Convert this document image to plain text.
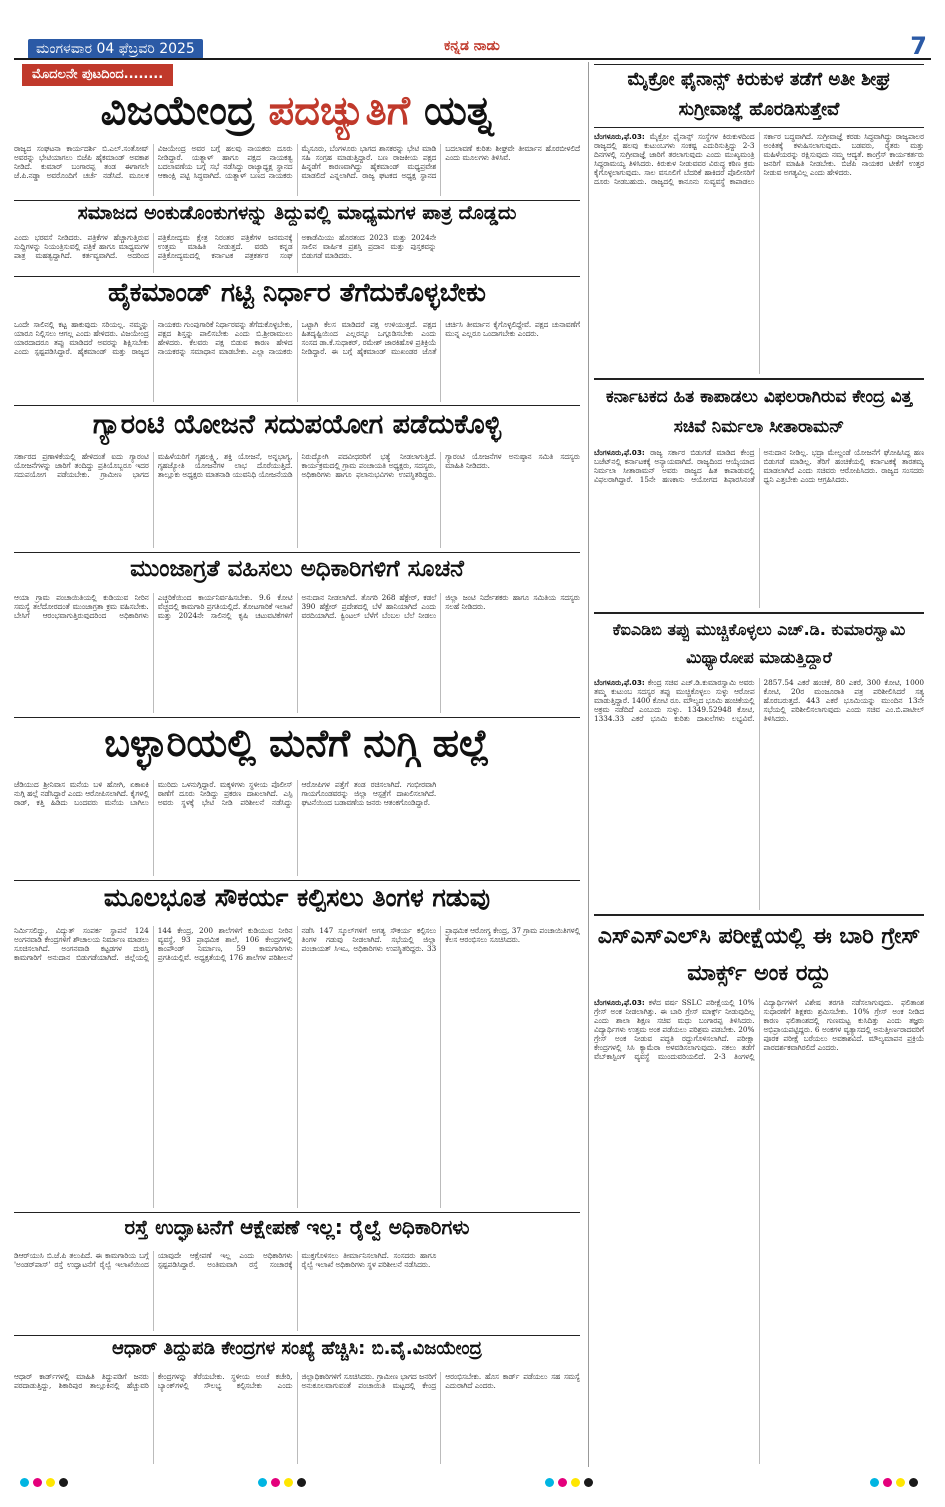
ಮಂಗಳವಾರ 04 ಫೆಬ್ರವರಿ 2025	ಕನ್ನಡ ನಾಡು	7
ಮೊದಲನೇ ಪುಟದಿಂದ........
ವಿಜಯೇಂದ್ರ ಪದಚ್ಯುತಿಗೆ ಯತ್ನ
ರಾಜ್ಯದ ಸಂಘಟನಾ ಕಾರ್ಯದರ್ಶಿ ಬಿ.ಎಲ್.ಸಂತೋಷ್ ಅವರನ್ನು ಭೇಟಿಯಾಗಲು ಬಿಜೆಪಿ ಹೈಕಮಾಂಡ್ ಅವಕಾಶ ನೀಡಿದೆ. ಕುಮಾರ್ ಬಂಗಾರಪ್ಪ ತಂಡ ಈಗಾಗಲೇ ಜೆ.ಪಿ.ನಡ್ಡಾ ಅವರೊಂದಿಗೆ ಚರ್ಚೆ ನಡೆಸಿದೆ. ಮೂಲಕ ವಿಜಯೇಂದ್ರ ಅವರ ಬಗ್ಗೆ ಹಲವು ನಾಯಕರು ದೂರು ನೀಡಿದ್ದಾರೆ. ಯತ್ನಾಳ್ ಹಾಗೂ ಪಕ್ಷದ ನಾಯಕತ್ವ ಬದಲಾವಣೆಯ ಬಗ್ಗೆ ಸಭೆ ನಡೆಸಿದ್ದು ರಾಜ್ಯಾಧ್ಯಕ್ಷ ಸ್ಥಾನದ ಆಕಾಂಕ್ಷಿ ಪಟ್ಟಿ ಸಿದ್ಧವಾಗಿದೆ. ಯತ್ನಾಳ್ ಬಣದ ನಾಯಕರು ಮೈಸೂರು, ಬೆಂಗಳೂರು ಭಾಗದ ಶಾಸಕರನ್ನು ಭೇಟಿ ಮಾಡಿ ಸಹಿ ಸಂಗ್ರಹ ಮಾಡುತ್ತಿದ್ದಾರೆ. ಬಣ ರಾಜಕೀಯ ಪಕ್ಷದ ಹಿನ್ನಡೆಗೆ ಕಾರಣವಾಗಿದ್ದು ಹೈಕಮಾಂಡ್ ಮಧ್ಯಪ್ರವೇಶ ಮಾಡಲಿದೆ ಎನ್ನಲಾಗಿದೆ. ರಾಜ್ಯ ಘಟಕದ ಅಧ್ಯಕ್ಷ ಸ್ಥಾನದ ಬದಲಾವಣೆ ಕುರಿತು ಶೀಘ್ರವೇ ತೀರ್ಮಾನ ಹೊರಬೀಳಲಿದೆ ಎಂದು ಮೂಲಗಳು ತಿಳಿಸಿವೆ.
ಸಮಾಜದ ಅಂಕುಡೊಂಕುಗಳನ್ನು ತಿದ್ದುವಲ್ಲಿ ಮಾಧ್ಯಮಗಳ ಪಾತ್ರ ದೊಡ್ಡದು
ಎಂದು ಭರವಸೆ ನೀಡಿದರು. ಪತ್ರಿಕೆಗಳ ಹೆಚ್ಚಾಗುತ್ತಿರುವ ಸುದ್ದಿಗಳನ್ನು ನಿಯಂತ್ರಿಸುವಲ್ಲಿ ಪತ್ರಿಕೆ ಹಾಗೂ ಮಾಧ್ಯಮಗಳ ಪಾತ್ರ ಮಹತ್ವದ್ದಾಗಿದೆ. ಕರ್ತವ್ಯವಾಗಿದೆ. ಅದರಿಂದ ಪತ್ರಿಕೋದ್ಯಮ ಕ್ಷೇತ್ರ ನಿರಂತರ ಪತ್ರಿಕೆಗಳ ಜನಮನಕ್ಕೆ ಉತ್ತಮ ಮಾಹಿತಿ ನೀಡುತ್ತದೆ. ವರದಿ ಕನ್ನಡ ಪತ್ರಿಕೋದ್ಯಮದಲ್ಲಿ ಕರ್ನಾಟಕ ಪತ್ರಕರ್ತರ ಸಂಘ ಅಕಾಡೆಮಿಯು ಹೊರತಂದ 2023 ಮತ್ತು 2024ನೇ ಸಾಲಿನ ವಾರ್ಷಿಕ ಪ್ರಶಸ್ತಿ ಪ್ರದಾನ ಮತ್ತು ಪುಸ್ತಕವನ್ನು ಬಿಡುಗಡೆ ಮಾಡಿದರು.
ಹೈಕಮಾಂಡ್ ಗಟ್ಟಿ ನಿರ್ಧಾರ ತೆಗೆದುಕೊಳ್ಳಬೇಕು
ಒಂದೇ ಸಾಲಿನಲ್ಲಿ ಕಟ್ಟ ಹಾಕುವುದು ಸರಿಯಲ್ಲ. ನಮ್ಮನ್ನು ಯಾರೂ ನಿಲ್ಲಿಸಲು ಆಗಲ್ಲ ಎಂದು ಹೇಳಿದರು. ವಿಜಯೇಂದ್ರ ಯಾರದಾದರೂ ತಪ್ಪು ಮಾಡಿದರೆ ಅವರನ್ನು ಶಿಕ್ಷಿಸಬೇಕು ಎಂದು ಸ್ಪಷ್ಟಪಡಿಸಿದ್ದಾರೆ. ಹೈಕಮಾಂಡ್ ಮತ್ತು ರಾಜ್ಯದ ನಾಯಕರು ಗುಂಪುಗಾರಿಕೆ ನಿರ್ಧಾರವನ್ನು ತೆಗೆದುಕೊಳ್ಳಬೇಕು, ಪಕ್ಷದ ಶಿಸ್ತನ್ನು ಪಾಲಿಸಬೇಕು ಎಂದು ಬಿ.ಶ್ರೀರಾಮುಲು ಹೇಳಿದರು. ಕೆಲವರು ಪಕ್ಷ ಬಿಡುವ ಕಾರಣ ಹೇಳಿದ ನಾಯಕರನ್ನು ಸಮಾಧಾನ ಮಾಡಬೇಕು. ಎಲ್ಲಾ ನಾಯಕರು ಒಟ್ಟಾಗಿ ಕೆಲಸ ಮಾಡಿದರೆ ಪಕ್ಷ ಉಳಿಯುತ್ತದೆ. ಪಕ್ಷದ ಹಿತದೃಷ್ಟಿಯಿಂದ ಎಲ್ಲರನ್ನೂ ಒಗ್ಗೂಡಿಸಬೇಕು ಎಂದು ಸಂಸದ ಡಾ.ಕೆ.ಸುಧಾಕರ್, ರಮೇಶ್ ಜಾರಕಿಹೊಳಿ ಪ್ರತಿಕ್ರಿಯೆ ನೀಡಿದ್ದಾರೆ. ಈ ಬಗ್ಗೆ ಹೈಕಮಾಂಡ್ ಮುಖಂಡರ ಜೊತೆ ಚರ್ಚಿಸಿ ತೀರ್ಮಾನ ಕೈಗೊಳ್ಳಲಿದ್ದೇವೆ. ಪಕ್ಷದ ಚುನಾವಣೆಗೆ ಮುನ್ನ ಎಲ್ಲರೂ ಒಂದಾಗಬೇಕು ಎಂದರು.
ಗ್ಯಾರಂಟಿ ಯೋಜನೆ ಸದುಪಯೋಗ ಪಡೆದುಕೊಳ್ಳಿ
ಸರ್ಕಾರದ ಪ್ರಣಾಳಿಕೆಯಲ್ಲಿ ಹೇಳಿದಂತೆ ಐದು ಗ್ಯಾರಂಟಿ ಯೋಜನೆಗಳನ್ನು ಜಾರಿಗೆ ತಂದಿದ್ದು ಪ್ರತಿಯೊಬ್ಬರೂ ಇದರ ಸದುಪಯೋಗ ಪಡೆಯಬೇಕು. ಗ್ರಾಮೀಣ ಭಾಗದ ಮಹಿಳೆಯರಿಗೆ ಗೃಹಲಕ್ಷ್ಮಿ, ಶಕ್ತಿ ಯೋಜನೆ, ಅನ್ನಭಾಗ್ಯ, ಗೃಹಜ್ಯೋತಿ ಯೋಜನೆಗಳ ಲಾಭ ದೊರೆಯುತ್ತಿದೆ. ತಾಲ್ಲೂಕು ಅಧ್ಯಕ್ಷರು ಮಾತನಾಡಿ ಯುವನಿಧಿ ಯೋಜನೆಯಡಿ ನಿರುದ್ಯೋಗಿ ಪದವೀಧರರಿಗೆ ಭತ್ಯೆ ನೀಡಲಾಗುತ್ತಿದೆ. ಕಾರ್ಯಕ್ರಮದಲ್ಲಿ ಗ್ರಾಮ ಪಂಚಾಯತಿ ಅಧ್ಯಕ್ಷರು, ಸದಸ್ಯರು, ಅಧಿಕಾರಿಗಳು ಹಾಗೂ ಫಲಾನುಭವಿಗಳು ಉಪಸ್ಥಿತರಿದ್ದರು. ಗ್ಯಾರಂಟಿ ಯೋಜನೆಗಳ ಅನುಷ್ಠಾನ ಸಮಿತಿ ಸದಸ್ಯರು ಮಾಹಿತಿ ನೀಡಿದರು.
ಮುಂಜಾಗ್ರತೆ ವಹಿಸಲು ಅಧಿಕಾರಿಗಳಿಗೆ ಸೂಚನೆ
ಆಯಾ ಗ್ರಾಮ ಪಂಚಾಯಿತಿಯಲ್ಲಿ ಕುಡಿಯುವ ನೀರಿನ ಸಮಸ್ಯೆ ತಲೆದೋರದಂತೆ ಮುಂಜಾಗ್ರತಾ ಕ್ರಮ ವಹಿಸಬೇಕು. ಬೇಸಿಗೆ ಆರಂಭವಾಗುತ್ತಿರುವುದರಿಂದ ಅಧಿಕಾರಿಗಳು ಎಚ್ಚರಿಕೆಯಿಂದ ಕಾರ್ಯನಿರ್ವಹಿಸಬೇಕು. 9.6 ಕೋಟಿ ವೆಚ್ಚದಲ್ಲಿ ಕಾಮಗಾರಿ ಪ್ರಗತಿಯಲ್ಲಿದೆ. ತೋಟಗಾರಿಕೆ ಇಲಾಖೆ ಮತ್ತು 2024ನೇ ಸಾಲಿನಲ್ಲಿ ಕೃಷಿ ಚಟುವಟಿಕೆಗಳಿಗೆ ಅನುದಾನ ನೀಡಲಾಗಿದೆ. ತೊಗರಿ 268 ಹೆಕ್ಟೇರ್, ಕಡಲೆ 390 ಹೆಕ್ಟೇರ್ ಪ್ರದೇಶದಲ್ಲಿ ಬೆಳೆ ಹಾನಿಯಾಗಿದೆ ಎಂದು ವರದಿಯಾಗಿದೆ. ಕ್ವಿಂಟಲ್ ಬೆಳೆಗೆ ಬೆಂಬಲ ಬೆಲೆ ನೀಡಲು ಜಿಲ್ಲಾ ಜಂಟಿ ನಿರ್ದೇಶಕರು ಹಾಗೂ ಸಮಿತಿಯ ಸದಸ್ಯರು ಸಲಹೆ ನೀಡಿದರು.
ಬಳ್ಳಾರಿಯಲ್ಲಿ ಮನೆಗೆ ನುಗ್ಗಿ ಹಲ್ಲೆ
ಜೆಡಿಯುದ ಶ್ರೀನಿವಾಸ ಮನೆಯ ಬಳಿ ಹೋಗಿ, ಏಕಾಏಕಿ ನುಗ್ಗಿ ಹಲ್ಲೆ ನಡೆಸಿದ್ದಾರೆ ಎಂದು ಆರೋಪಿಸಲಾಗಿದೆ. ಕೈಗಳಲ್ಲಿ ರಾಡ್, ಕತ್ತಿ ಹಿಡಿದು ಬಂದವರು ಮನೆಯ ಬಾಗಿಲು ಮುರಿದು ಒಳನುಗ್ಗಿದ್ದಾರೆ. ಮಕ್ಕಳಿಗಳು ಸ್ಥಳೀಯ ಪೊಲೀಸ್ ಠಾಣೆಗೆ ದೂರು ನೀಡಿದ್ದು ಪ್ರಕರಣ ದಾಖಲಾಗಿದೆ. ಎಸ್ಪಿ ಅವರು ಸ್ಥಳಕ್ಕೆ ಭೇಟಿ ನೀಡಿ ಪರಿಶೀಲನೆ ನಡೆಸಿದ್ದು ಆರೋಪಿಗಳ ಪತ್ತೆಗೆ ತಂಡ ರಚಿಸಲಾಗಿದೆ. ಗಂಭೀರವಾಗಿ ಗಾಯಗೊಂಡವರನ್ನು ಜಿಲ್ಲಾ ಆಸ್ಪತ್ರೆಗೆ ದಾಖಲಿಸಲಾಗಿದೆ. ಘಟನೆಯಿಂದ ಬಡಾವಣೆಯ ಜನರು ಆತಂಕಗೊಂಡಿದ್ದಾರೆ.
ಮೂಲಭೂತ ಸೌಕರ್ಯ ಕಲ್ಪಿಸಲು ತಿಂಗಳ ಗಡುವು
ನಿರ್ಮಿಸಲಿದ್ದು, ವಿದ್ಯುತ್ ಸಂಪರ್ಕ ಸ್ಥಾಪನೆ 124 ಅಂಗನವಾಡಿ ಕೇಂದ್ರಗಳಿಗೆ ಶೌಚಾಲಯ ನಿರ್ಮಾಣ ಮಾಡಲು ಸೂಚಿಸಲಾಗಿದೆ. ಅಂಗನವಾಡಿ ಕಟ್ಟಡಗಳ ದುರಸ್ತಿ ಕಾಮಗಾರಿಗೆ ಅನುದಾನ ಬಿಡುಗಡೆಯಾಗಿದೆ. ಜಿಲ್ಲೆಯಲ್ಲಿ 144 ಕೇಂದ್ರ, 200 ಶಾಲೆಗಳಿಗೆ ಕುಡಿಯುವ ನೀರಿನ ವ್ಯವಸ್ಥೆ, 93 ಪ್ರಾಥಮಿಕ ಶಾಲೆ, 106 ಕೇಂದ್ರಗಳಲ್ಲಿ ಕಾಂಪೌಂಡ್ ನಿರ್ಮಾಣ, 59 ಕಾಮಗಾರಿಗಳು ಪ್ರಗತಿಯಲ್ಲಿವೆ. ಅಧ್ಯಕ್ಷತೆಯಲ್ಲಿ 176 ಶಾಲೆಗಳ ಪರಿಶೀಲನೆ ನಡೆಸಿ 147 ಸ್ಕೂಲ್‌ಗಳಿಗೆ ಅಗತ್ಯ ಸೌಕರ್ಯ ಕಲ್ಪಿಸಲು ತಿಂಗಳ ಗಡುವು ನೀಡಲಾಗಿದೆ. ಸಭೆಯಲ್ಲಿ ಜಿಲ್ಲಾ ಪಂಚಾಯತ್ ಸಿಇಒ, ಅಧಿಕಾರಿಗಳು ಉಪಸ್ಥಿತರಿದ್ದರು. 33 ಪ್ರಾಥಮಿಕ ಆರೋಗ್ಯ ಕೇಂದ್ರ, 37 ಗ್ರಾಮ ಪಂಚಾಯಿತಿಗಳಲ್ಲಿ ಕೆಲಸ ಆರಂಭಿಸಲು ಸೂಚಿಸಿದರು.
ರಸ್ತೆ ಉದ್ಘಾಟನೆಗೆ ಆಕ್ಷೇಪಣೆ ಇಲ್ಲ: ರೈಲ್ವೆ ಅಧಿಕಾರಿಗಳು
ಡಿಆರ್‌ಯುಸಿ ಬಿ.ಜೆ.ಪಿ ತಲುಪಿದೆ. ಈ ಕಾಮಗಾರಿಯ ಬಗ್ಗೆ 'ಅಂಡರ್‌ಪಾಸ್' ರಸ್ತೆ ಉದ್ಘಾಟನೆಗೆ ರೈಲ್ವೆ ಇಲಾಖೆಯಿಂದ ಯಾವುದೇ ಆಕ್ಷೇಪಣೆ ಇಲ್ಲ ಎಂದು ಅಧಿಕಾರಿಗಳು ಸ್ಪಷ್ಟಪಡಿಸಿದ್ದಾರೆ. ಅಂತಿಮವಾಗಿ ರಸ್ತೆ ಸಂಚಾರಕ್ಕೆ ಮುಕ್ತಗೊಳಿಸಲು ತೀರ್ಮಾನಿಸಲಾಗಿದೆ. ಸಂಸದರು ಹಾಗೂ ರೈಲ್ವೆ ಇಲಾಖೆ ಅಧಿಕಾರಿಗಳು ಸ್ಥಳ ಪರಿಶೀಲನೆ ನಡೆಸಿದರು.
ಆಧಾರ್ ತಿದ್ದುಪಡಿ ಕೇಂದ್ರಗಳ ಸಂಖ್ಯೆ ಹೆಚ್ಚಿಸಿ: ಬಿ.ವೈ.ವಿಜಯೇಂದ್ರ
ಆಧಾರ್ ಕಾರ್ಡ್‌ಗಳಲ್ಲಿ ಮಾಹಿತಿ ತಿದ್ದುಪಡಿಗೆ ಜನರು ಪರದಾಡುತ್ತಿದ್ದು, ಶಿಕಾರಿಪುರ ತಾಲ್ಲೂಕಿನಲ್ಲಿ ಹೆಚ್ಚುವರಿ ಕೇಂದ್ರಗಳನ್ನು ತೆರೆಯಬೇಕು. ಸ್ಥಳೀಯ ಅಂಚೆ ಕಚೇರಿ, ಬ್ಯಾಂಕ್‌ಗಳಲ್ಲಿ ಸೌಲಭ್ಯ ಕಲ್ಪಿಸಬೇಕು ಎಂದು ಜಿಲ್ಲಾಧಿಕಾರಿಗಳಿಗೆ ಸೂಚಿಸಿದರು. ಗ್ರಾಮೀಣ ಭಾಗದ ಜನರಿಗೆ ಅನುಕೂಲವಾಗುವಂತೆ ಪಂಚಾಯಿತಿ ಮಟ್ಟದಲ್ಲಿ ಕೇಂದ್ರ ಆರಂಭಿಸಬೇಕು. ಹೊಸ ಕಾರ್ಡ್ ಪಡೆಯಲು ಸಹ ಸಮಸ್ಯೆ ಎದುರಾಗಿದೆ ಎಂದರು.
ಮೈಕ್ರೋ ಫೈನಾನ್ಸ್ ಕಿರುಕುಳ ತಡೆಗೆ ಅತೀ ಶೀಘ್ರ ಸುಗ್ರೀವಾಜ್ಞೆ ಹೊರಡಿಸುತ್ತೇವೆ
ಬೆಂಗಳೂರು,ಫೆ.03: ಮೈಕ್ರೋ ಫೈನಾನ್ಸ್ ಸಂಸ್ಥೆಗಳ ಕಿರುಕುಳದಿಂದ ರಾಜ್ಯದಲ್ಲಿ ಹಲವು ಕುಟುಂಬಗಳು ಸಂಕಷ್ಟ ಎದುರಿಸುತ್ತಿದ್ದು 2-3 ದಿನಗಳಲ್ಲಿ ಸುಗ್ರೀವಾಜ್ಞೆ ಜಾರಿಗೆ ತರಲಾಗುವುದು ಎಂದು ಮುಖ್ಯಮಂತ್ರಿ ಸಿದ್ದರಾಮಯ್ಯ ತಿಳಿಸಿದರು. ಕಿರುಕುಳ ನೀಡುವವರ ವಿರುದ್ಧ ಕಠಿಣ ಕ್ರಮ ಕೈಗೊಳ್ಳಲಾಗುವುದು. ಸಾಲ ವಸೂಲಿಗೆ ಬೆದರಿಕೆ ಹಾಕಿದರೆ ಪೊಲೀಸರಿಗೆ ದೂರು ನೀಡಬಹುದು. ರಾಜ್ಯದಲ್ಲಿ ಕಾನೂನು ಸುವ್ಯವಸ್ಥೆ ಕಾಪಾಡಲು ಸರ್ಕಾರ ಬದ್ಧವಾಗಿದೆ. ಸುಗ್ರೀವಾಜ್ಞೆ ಕರಡು ಸಿದ್ಧವಾಗಿದ್ದು ರಾಜ್ಯಪಾಲರ ಅಂಕಿತಕ್ಕೆ ಕಳುಹಿಸಲಾಗುವುದು. ಬಡವರು, ರೈತರು ಮತ್ತು ಮಹಿಳೆಯರನ್ನು ರಕ್ಷಿಸುವುದು ನಮ್ಮ ಆದ್ಯತೆ. ಕಾಂಗ್ರೆಸ್ ಕಾರ್ಯಕರ್ತರು ಜನರಿಗೆ ಮಾಹಿತಿ ನೀಡಬೇಕು. ಬಿಜೆಪಿ ನಾಯಕರ ಟೀಕೆಗೆ ಉತ್ತರ ನೀಡುವ ಅಗತ್ಯವಿಲ್ಲ ಎಂದು ಹೇಳಿದರು.
ಕರ್ನಾಟಕದ ಹಿತ ಕಾಪಾಡಲು ವಿಫಲರಾಗಿರುವ ಕೇಂದ್ರ ವಿತ್ತ ಸಚಿವೆ ನಿರ್ಮಲಾ ಸೀತಾರಾಮನ್
ಬೆಂಗಳೂರು,ಫೆ.03: ರಾಜ್ಯ ಸರ್ಕಾರ ಬಿಡುಗಡೆ ಮಾಡಿದ ಕೇಂದ್ರ ಬಜೆಟ್‌ನಲ್ಲಿ ಕರ್ನಾಟಕಕ್ಕೆ ಅನ್ಯಾಯವಾಗಿದೆ. ರಾಜ್ಯದಿಂದ ಆಯ್ಕೆಯಾದ ನಿರ್ಮಲಾ ಸೀತಾರಾಮನ್ ಅವರು ರಾಜ್ಯದ ಹಿತ ಕಾಪಾಡುವಲ್ಲಿ ವಿಫಲರಾಗಿದ್ದಾರೆ. 15ನೇ ಹಣಕಾಸು ಆಯೋಗದ ಶಿಫಾರಸಿನಂತೆ ಅನುದಾನ ನೀಡಿಲ್ಲ. ಭದ್ರಾ ಮೇಲ್ದಂಡೆ ಯೋಜನೆಗೆ ಘೋಷಿಸಿದ್ದ ಹಣ ಬಿಡುಗಡೆ ಮಾಡಿಲ್ಲ. ತೆರಿಗೆ ಹಂಚಿಕೆಯಲ್ಲಿ ಕರ್ನಾಟಕಕ್ಕೆ ತಾರತಮ್ಯ ಮಾಡಲಾಗಿದೆ ಎಂದು ಸಚಿವರು ಆರೋಪಿಸಿದರು. ರಾಜ್ಯದ ಸಂಸದರು ಧ್ವನಿ ಎತ್ತಬೇಕು ಎಂದು ಆಗ್ರಹಿಸಿದರು.
ಕೆಐಎಡಿಬಿ ತಪ್ಪು ಮುಚ್ಚಿಕೊಳ್ಳಲು ಎಚ್.ಡಿ. ಕುಮಾರಸ್ವಾಮಿ ಮಿಥ್ಯಾರೋಪ ಮಾಡುತ್ತಿದ್ದಾರೆ
ಬೆಂಗಳೂರು,ಫೆ.03: ಕೇಂದ್ರ ಸಚಿವ ಎಚ್.ಡಿ.ಕುಮಾರಸ್ವಾಮಿ ಅವರು ತಮ್ಮ ಕುಟುಂಬ ಸದಸ್ಯರ ತಪ್ಪು ಮುಚ್ಚಿಕೊಳ್ಳಲು ಸುಳ್ಳು ಆರೋಪ ಮಾಡುತ್ತಿದ್ದಾರೆ. 1400 ಕೋಟಿ ರೂ. ಮೌಲ್ಯದ ಭೂಮಿ ಹಂಚಿಕೆಯಲ್ಲಿ ಅಕ್ರಮ ನಡೆದಿದೆ ಎಂಬುದು ಸುಳ್ಳು. 1349.52948 ಕೋಟಿ, 1334.33 ಎಕರೆ ಭೂಮಿ ಕುರಿತು ದಾಖಲೆಗಳು ಲಭ್ಯವಿವೆ. 2857.54 ಎಕರೆ ಹಂಚಿಕೆ, 80 ಎಕರೆ, 300 ಕೋಟಿ, 1000 ಕೋಟಿ, 20ರ ಮಂಜೂರಾತಿ ಪತ್ರ ಪರಿಶೀಲಿಸಿದರೆ ಸತ್ಯ ಹೊರಬರುತ್ತದೆ. 443 ಎಕರೆ ಭೂಮಿಯನ್ನು ಮುಂದಿನ 13ನೇ ಸಭೆಯಲ್ಲಿ ಪರಿಶೀಲಿಸಲಾಗುವುದು ಎಂದು ಸಚಿವ ಎಂ.ಬಿ.ಪಾಟೀಲ್ ತಿಳಿಸಿದರು.
ಎಸ್‌ಎಸ್‌ಎಲ್‌ಸಿ ಪರೀಕ್ಷೆಯಲ್ಲಿ ಈ ಬಾರಿ ಗ್ರೇಸ್ ಮಾರ್ಕ್ಸ್ ಅಂಕ ರದ್ದು
ಬೆಂಗಳೂರು,ಫೆ.03: ಕಳೆದ ವರ್ಷ SSLC ಪರೀಕ್ಷೆಯಲ್ಲಿ 10% ಗ್ರೇಸ್ ಅಂಕ ನೀಡಲಾಗಿತ್ತು. ಈ ಬಾರಿ ಗ್ರೇಸ್ ಮಾರ್ಕ್ಸ್ ನೀಡುವುದಿಲ್ಲ ಎಂದು ಶಾಲಾ ಶಿಕ್ಷಣ ಸಚಿವ ಮಧು ಬಂಗಾರಪ್ಪ ತಿಳಿಸಿದರು. ವಿದ್ಯಾರ್ಥಿಗಳು ಉತ್ತಮ ಅಂಕ ಪಡೆಯಲು ಪರಿಶ್ರಮ ಪಡಬೇಕು. 20% ಗ್ರೇಸ್ ಅಂಕ ನೀಡುವ ಪದ್ಧತಿ ರದ್ದುಗೊಳಿಸಲಾಗಿದೆ. ಪರೀಕ್ಷಾ ಕೇಂದ್ರಗಳಲ್ಲಿ ಸಿಸಿ ಕ್ಯಾಮೆರಾ ಅಳವಡಿಸಲಾಗುವುದು. ನಕಲು ತಡೆಗೆ ವೆಬ್‌ಕಾಸ್ಟಿಂಗ್ ವ್ಯವಸ್ಥೆ ಮುಂದುವರಿಯಲಿದೆ. 2-3 ತಿಂಗಳಲ್ಲಿ ವಿದ್ಯಾರ್ಥಿಗಳಿಗೆ ವಿಶೇಷ ತರಗತಿ ನಡೆಸಲಾಗುವುದು. ಫಲಿತಾಂಶ ಸುಧಾರಣೆಗೆ ಶಿಕ್ಷಕರು ಶ್ರಮಿಸಬೇಕು. 10% ಗ್ರೇಸ್ ಅಂಕ ನೀಡಿದ ಕಾರಣ ಫಲಿತಾಂಶದಲ್ಲಿ ಗುಣಮಟ್ಟ ಕುಸಿದಿತ್ತು ಎಂದು ತಜ್ಞರು ಅಭಿಪ್ರಾಯಪಟ್ಟಿದ್ದರು. 6 ಅಂಕಗಳ ವ್ಯತ್ಯಾಸದಲ್ಲಿ ಅನುತ್ತೀರ್ಣರಾದವರಿಗೆ ಪೂರಕ ಪರೀಕ್ಷೆ ಬರೆಯಲು ಅವಕಾಶವಿದೆ. ಮೌಲ್ಯಮಾಪನ ಪ್ರಕ್ರಿಯೆ ಪಾರದರ್ಶಕವಾಗಿರಲಿದೆ ಎಂದರು.
